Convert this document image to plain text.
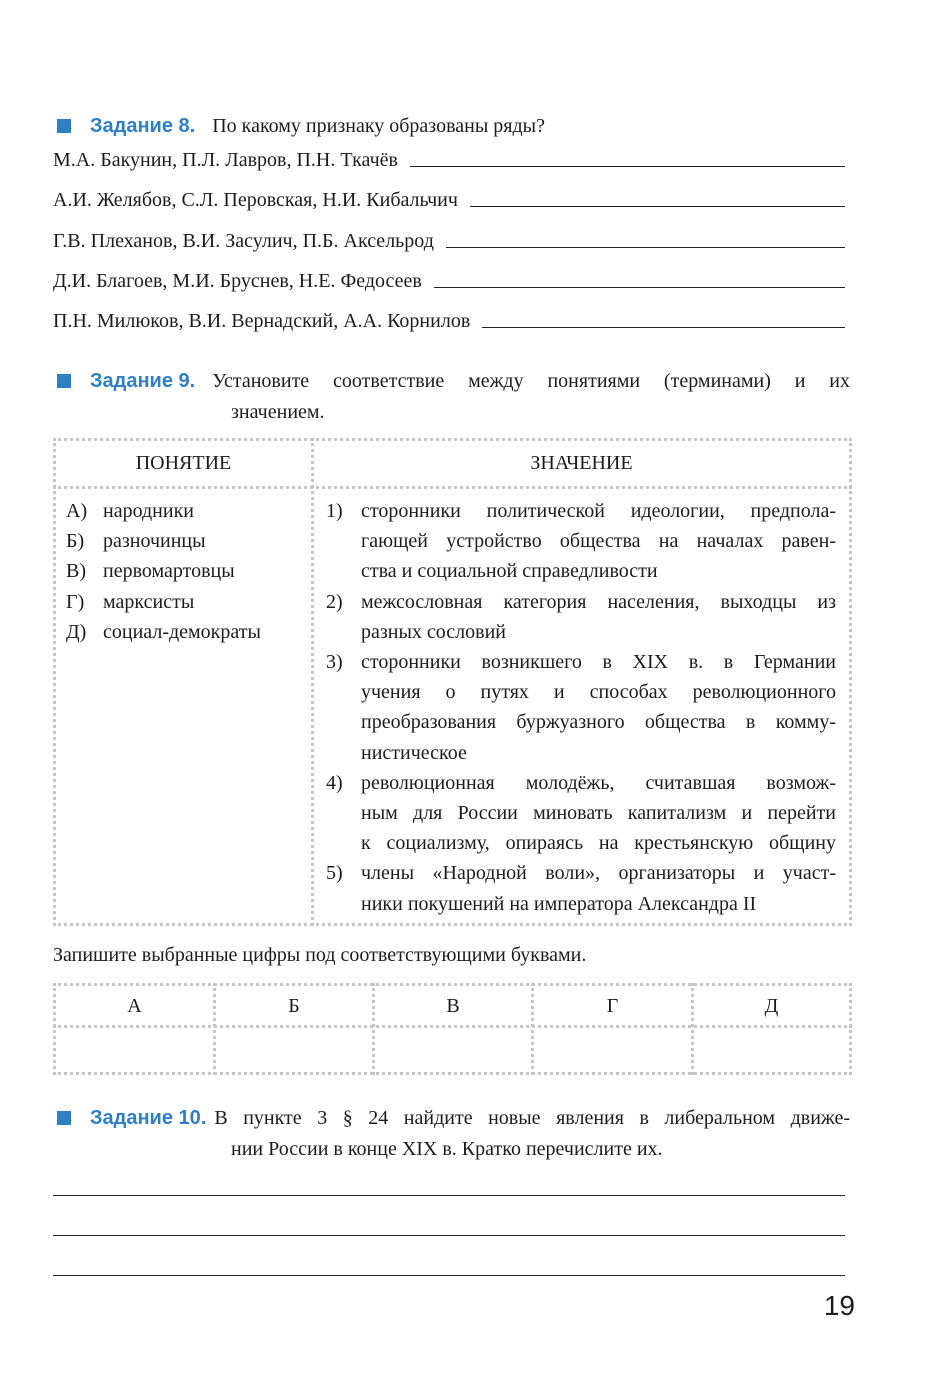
Задание 8. По какому признаку образованы ряды?
М.А. Бакунин, П.Л. Лавров, П.Н. Ткачёв
А.И. Желябов, С.Л. Перовская, Н.И. Кибальчич
Г.В. Плеханов, В.И. Засулич, П.Б. Аксельрод
Д.И. Благоев, М.И. Бруснев, Н.Е. Федосеев
П.Н. Милюков, В.И. Вернадский, А.А. Корнилов
Задание 9. Установите соответствие между понятиями (терминами) и их
значением.
ПОНЯТИЕ	ЗНАЧЕНИЕ
А) народники
Б) разночинцы
В) первомартовцы
Г) марксисты
Д) социал-демократы
1) сторонники политической идеологии, предпола-
гающей устройство общества на началах равен-
ства и социальной справедливости
2) межсословная категория населения, выходцы из
разных сословий
3) сторонники возникшего в XIX в. в Германии
учения о путях и способах революционного
преобразования буржуазного общества в комму-
нистическое
4) революционная молодёжь, считавшая возмож-
ным для России миновать капитализм и перейти
к социализму, опираясь на крестьянскую общину
5) члены «Народной воли», организаторы и участ-
ники покушений на императора Александра II
Запишите выбранные цифры под соответствующими буквами.
А	Б	В	Г	Д
Задание 10. В пункте 3 § 24 найдите новые явления в либеральном движе-
нии России в конце XIX в. Кратко перечислите их.
19
